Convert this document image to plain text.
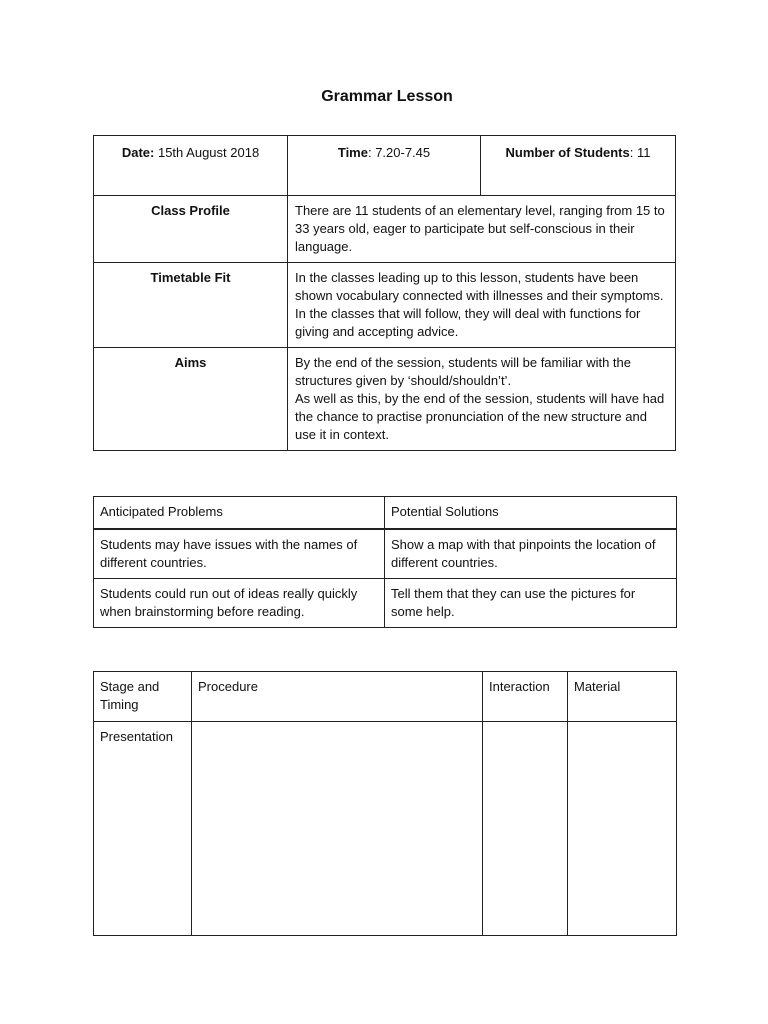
Grammar Lesson
Date: 15th August 2018	Time: 7.20-7.45	Number of Students: 11
Class Profile	There are 11 students of an elementary level, ranging from 15 to 33 years old, eager to participate but self-conscious in their language.	
Timetable Fit	In the classes leading up to this lesson, students have been shown vocabulary connected with illnesses and their symptoms. In the classes that will follow, they will deal with functions for giving and accepting advice.	
Aims	By the end of the session, students will be familiar with the structures given by ‘should/shouldn’t’.
As well as this, by the end of the session, students will have had the chance to practise pronunciation of the new structure and use it in context.	
Anticipated Problems	Potential Solutions
Students may have issues with the names of different countries.	Show a map with that pinpoints the location of different countries.
Students could run out of ideas really quickly when brainstorming before reading.	Tell them that they can use the pictures for some help.
Stage and Timing	Procedure	Interaction	Material
Presentation			
